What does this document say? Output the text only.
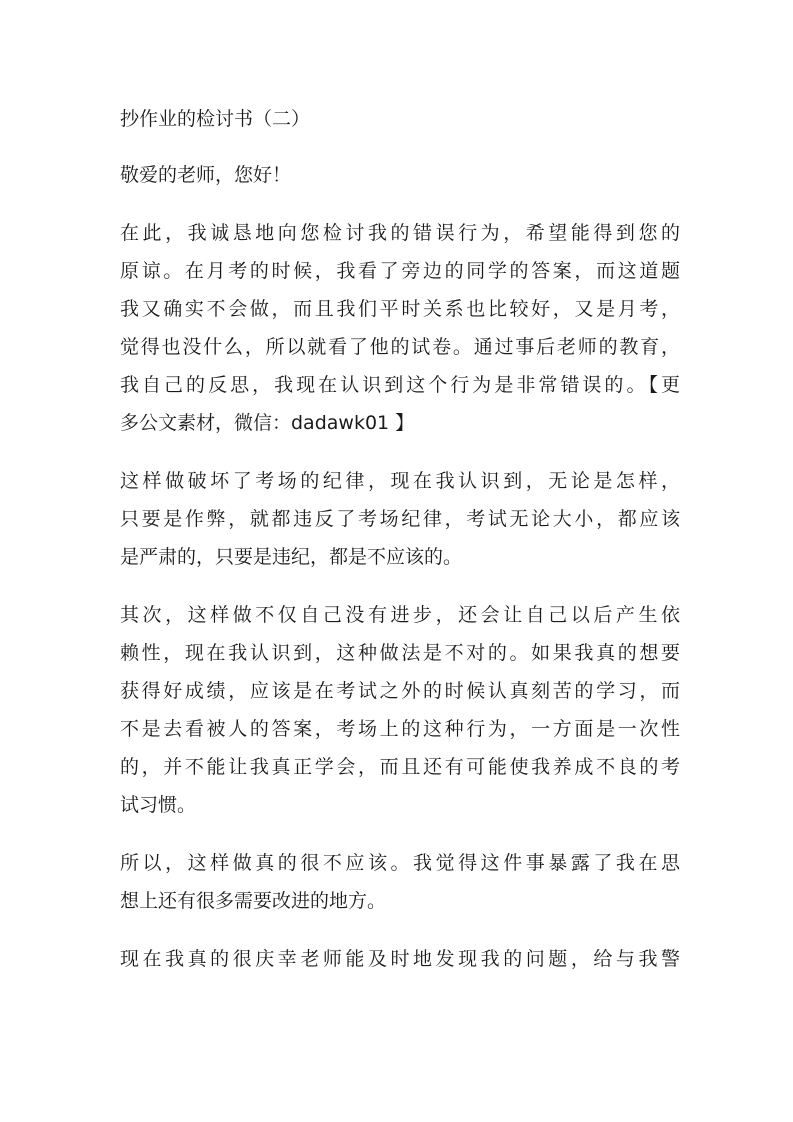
抄作业的检讨书（二）

敬爱的老师，您好！

在此，我诚恳地向您检讨我的错误行为，希望能得到您的
原谅。在月考的时候，我看了旁边的同学的答案，而这道题
我又确实不会做，而且我们平时关系也比较好，又是月考，
觉得也没什么，所以就看了他的试卷。通过事后老师的教育，
我自己的反思，我现在认识到这个行为是非常错误的。【更
多公文素材，微信：dadawk01 】
这样做破坏了考场的纪律，现在我认识到，无论是怎样，
只要是作弊，就都违反了考场纪律，考试无论大小，都应该
是严肃的，只要是违纪，都是不应该的。
其次，这样做不仅自己没有进步，还会让自己以后产生依
赖性，现在我认识到，这种做法是不对的。如果我真的想要
获得好成绩，应该是在考试之外的时候认真刻苦的学习，而
不是去看被人的答案，考场上的这种行为，一方面是一次性
的，并不能让我真正学会，而且还有可能使我养成不良的考
试习惯。
所以，这样做真的很不应该。我觉得这件事暴露了我在思
想上还有很多需要改进的地方。
现在我真的很庆幸老师能及时地发现我的问题，给与我警
